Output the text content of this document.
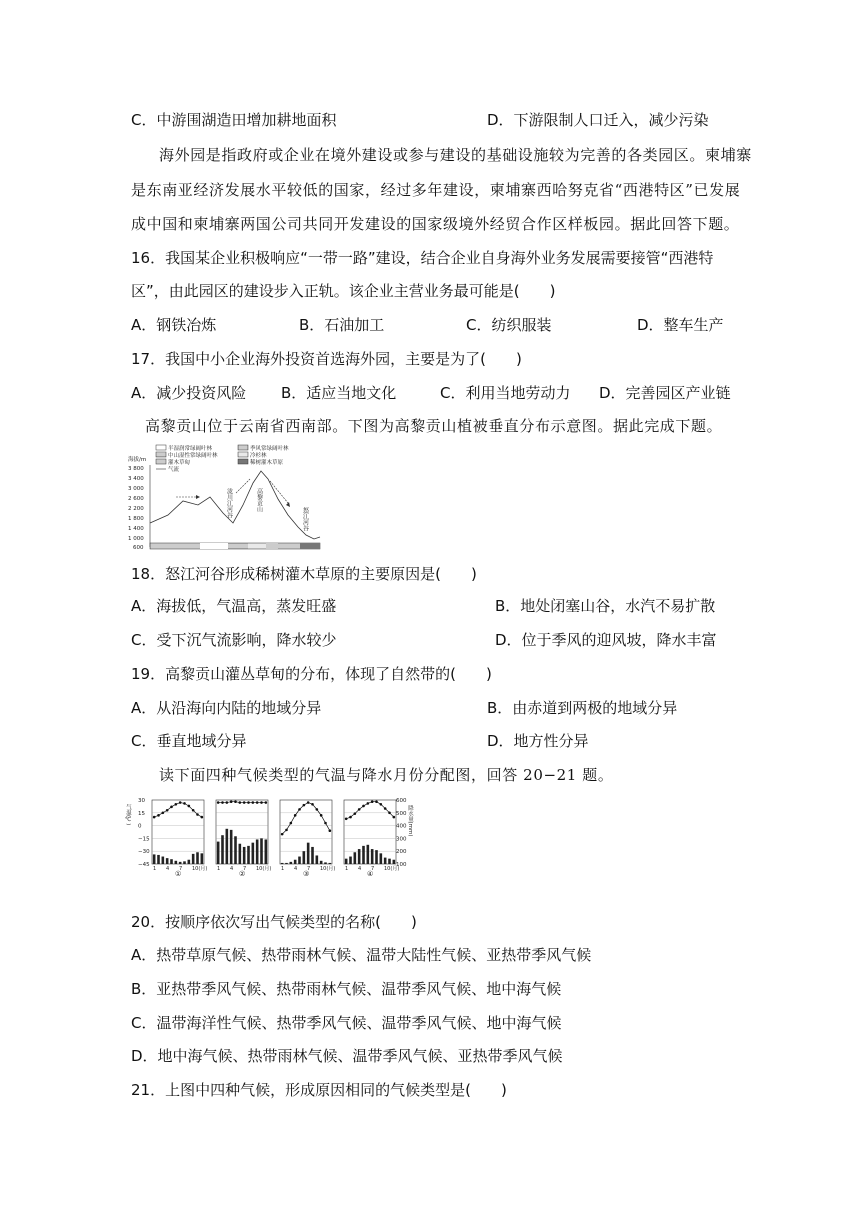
C．中游围湖造田增加耕地面积	D．下游限制人口迁入，减少污染
海外园是指政府或企业在境外建设或参与建设的基础设施较为完善的各类园区。柬埔寨
是东南亚经济发展水平较低的国家，经过多年建设，柬埔寨西哈努克省“西港特区”已发展
成中国和柬埔寨两国公司共同开发建设的国家级境外经贸合作区样板园。据此回答下题。
16．我国某企业积极响应“一带一路”建设，结合企业自身海外业务发展需要接管“西港特
区”，由此园区的建设步入正轨。该企业主营业务最可能是(　　)
A．钢铁冶炼	B．石油加工	C．纺织服装	D．整车生产
17．我国中小企业海外投资首选海外园，主要是为了(　　)
A．减少投资风险 B．适应当地文化	C．利用当地劳动力 D．完善园区产业链
高黎贡山位于云南省西南部。下图为高黎贡山植被垂直分布示意图。据此完成下题。
半湿润常绿阔叶林	季风常绿阔叶林
中山湿性常绿阔叶林	冷杉林
灌木草甸	稀树灌木草原
气流
海拔/m
3 800
3 400
3 000
2 600
2 200
1 800
1 400
1 000
600
泷川江河谷	高黎贡山
怒江河谷
18．怒江河谷形成稀树灌木草原的主要原因是(　　)
A．海拔低，气温高，蒸发旺盛	B．地处闭塞山谷，水汽不易扩散
C．受下沉气流影响，降水较少	D．位于季风的迎风坡，降水丰富
19．高黎贡山灌丛草甸的分布，体现了自然带的(　　)
A．从沿海向内陆的地域分异	B．由赤道到两极的地域分异
C．垂直地域分异	D．地方性分异
读下面四种气候类型的气温与降水月份分配图，回答 20−21 题。
气温(℃)	降水量(mm)
30
15
0
−15
−30
−45
600
500
400
300
200
100
1 4 7 10(月)
①
1 4 7 10(月)
②
1 4 7 10(月)
③
1 4 7 10(月)
④
20．按顺序依次写出气候类型的名称(　　)
A．热带草原气候、热带雨林气候、温带大陆性气候、亚热带季风气候
B．亚热带季风气候、热带雨林气候、温带季风气候、地中海气候
C．温带海洋性气候、热带季风气候、温带季风气候、地中海气候
D．地中海气候、热带雨林气候、温带季风气候、亚热带季风气候
21．上图中四种气候，形成原因相同的气候类型是(　　)
